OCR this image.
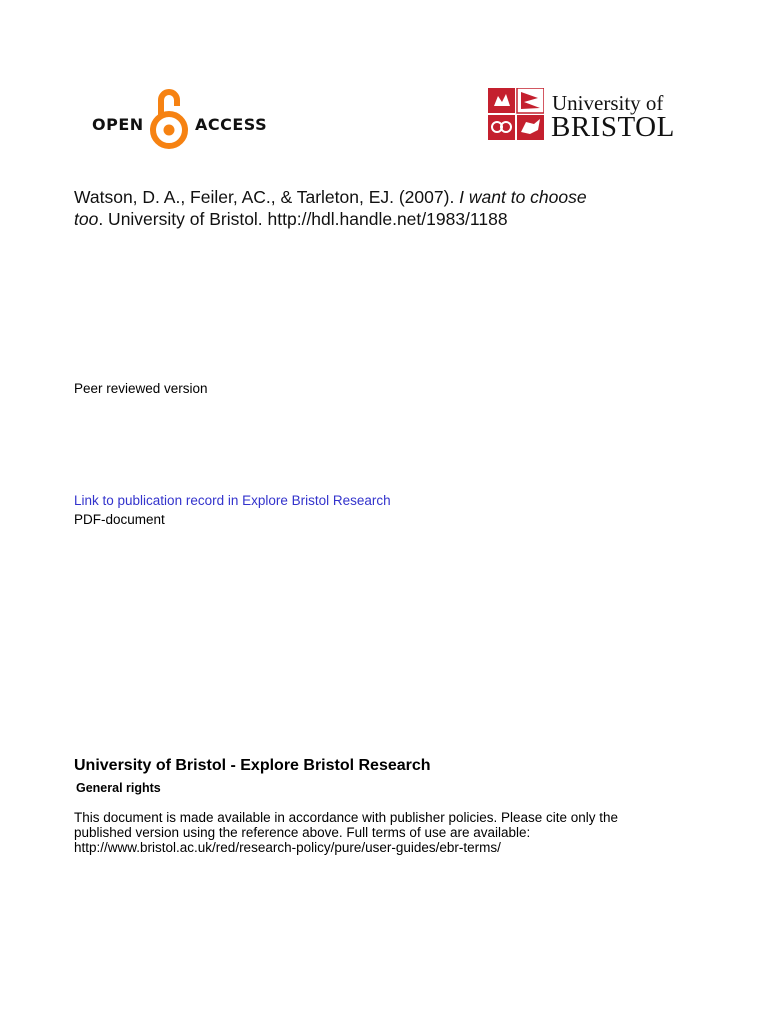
OPEN	ACCESS
University of
BRISTOL
Watson, D. A., Feiler, AC., & Tarleton, EJ. (2007). I want to choose
too. University of Bristol. http://hdl.handle.net/1983/1188
Peer reviewed version
Link to publication record in Explore Bristol Research
PDF-document
University of Bristol - Explore Bristol Research
General rights
This document is made available in accordance with publisher policies. Please cite only the
published version using the reference above. Full terms of use are available:
http://www.bristol.ac.uk/red/research-policy/pure/user-guides/ebr-terms/
